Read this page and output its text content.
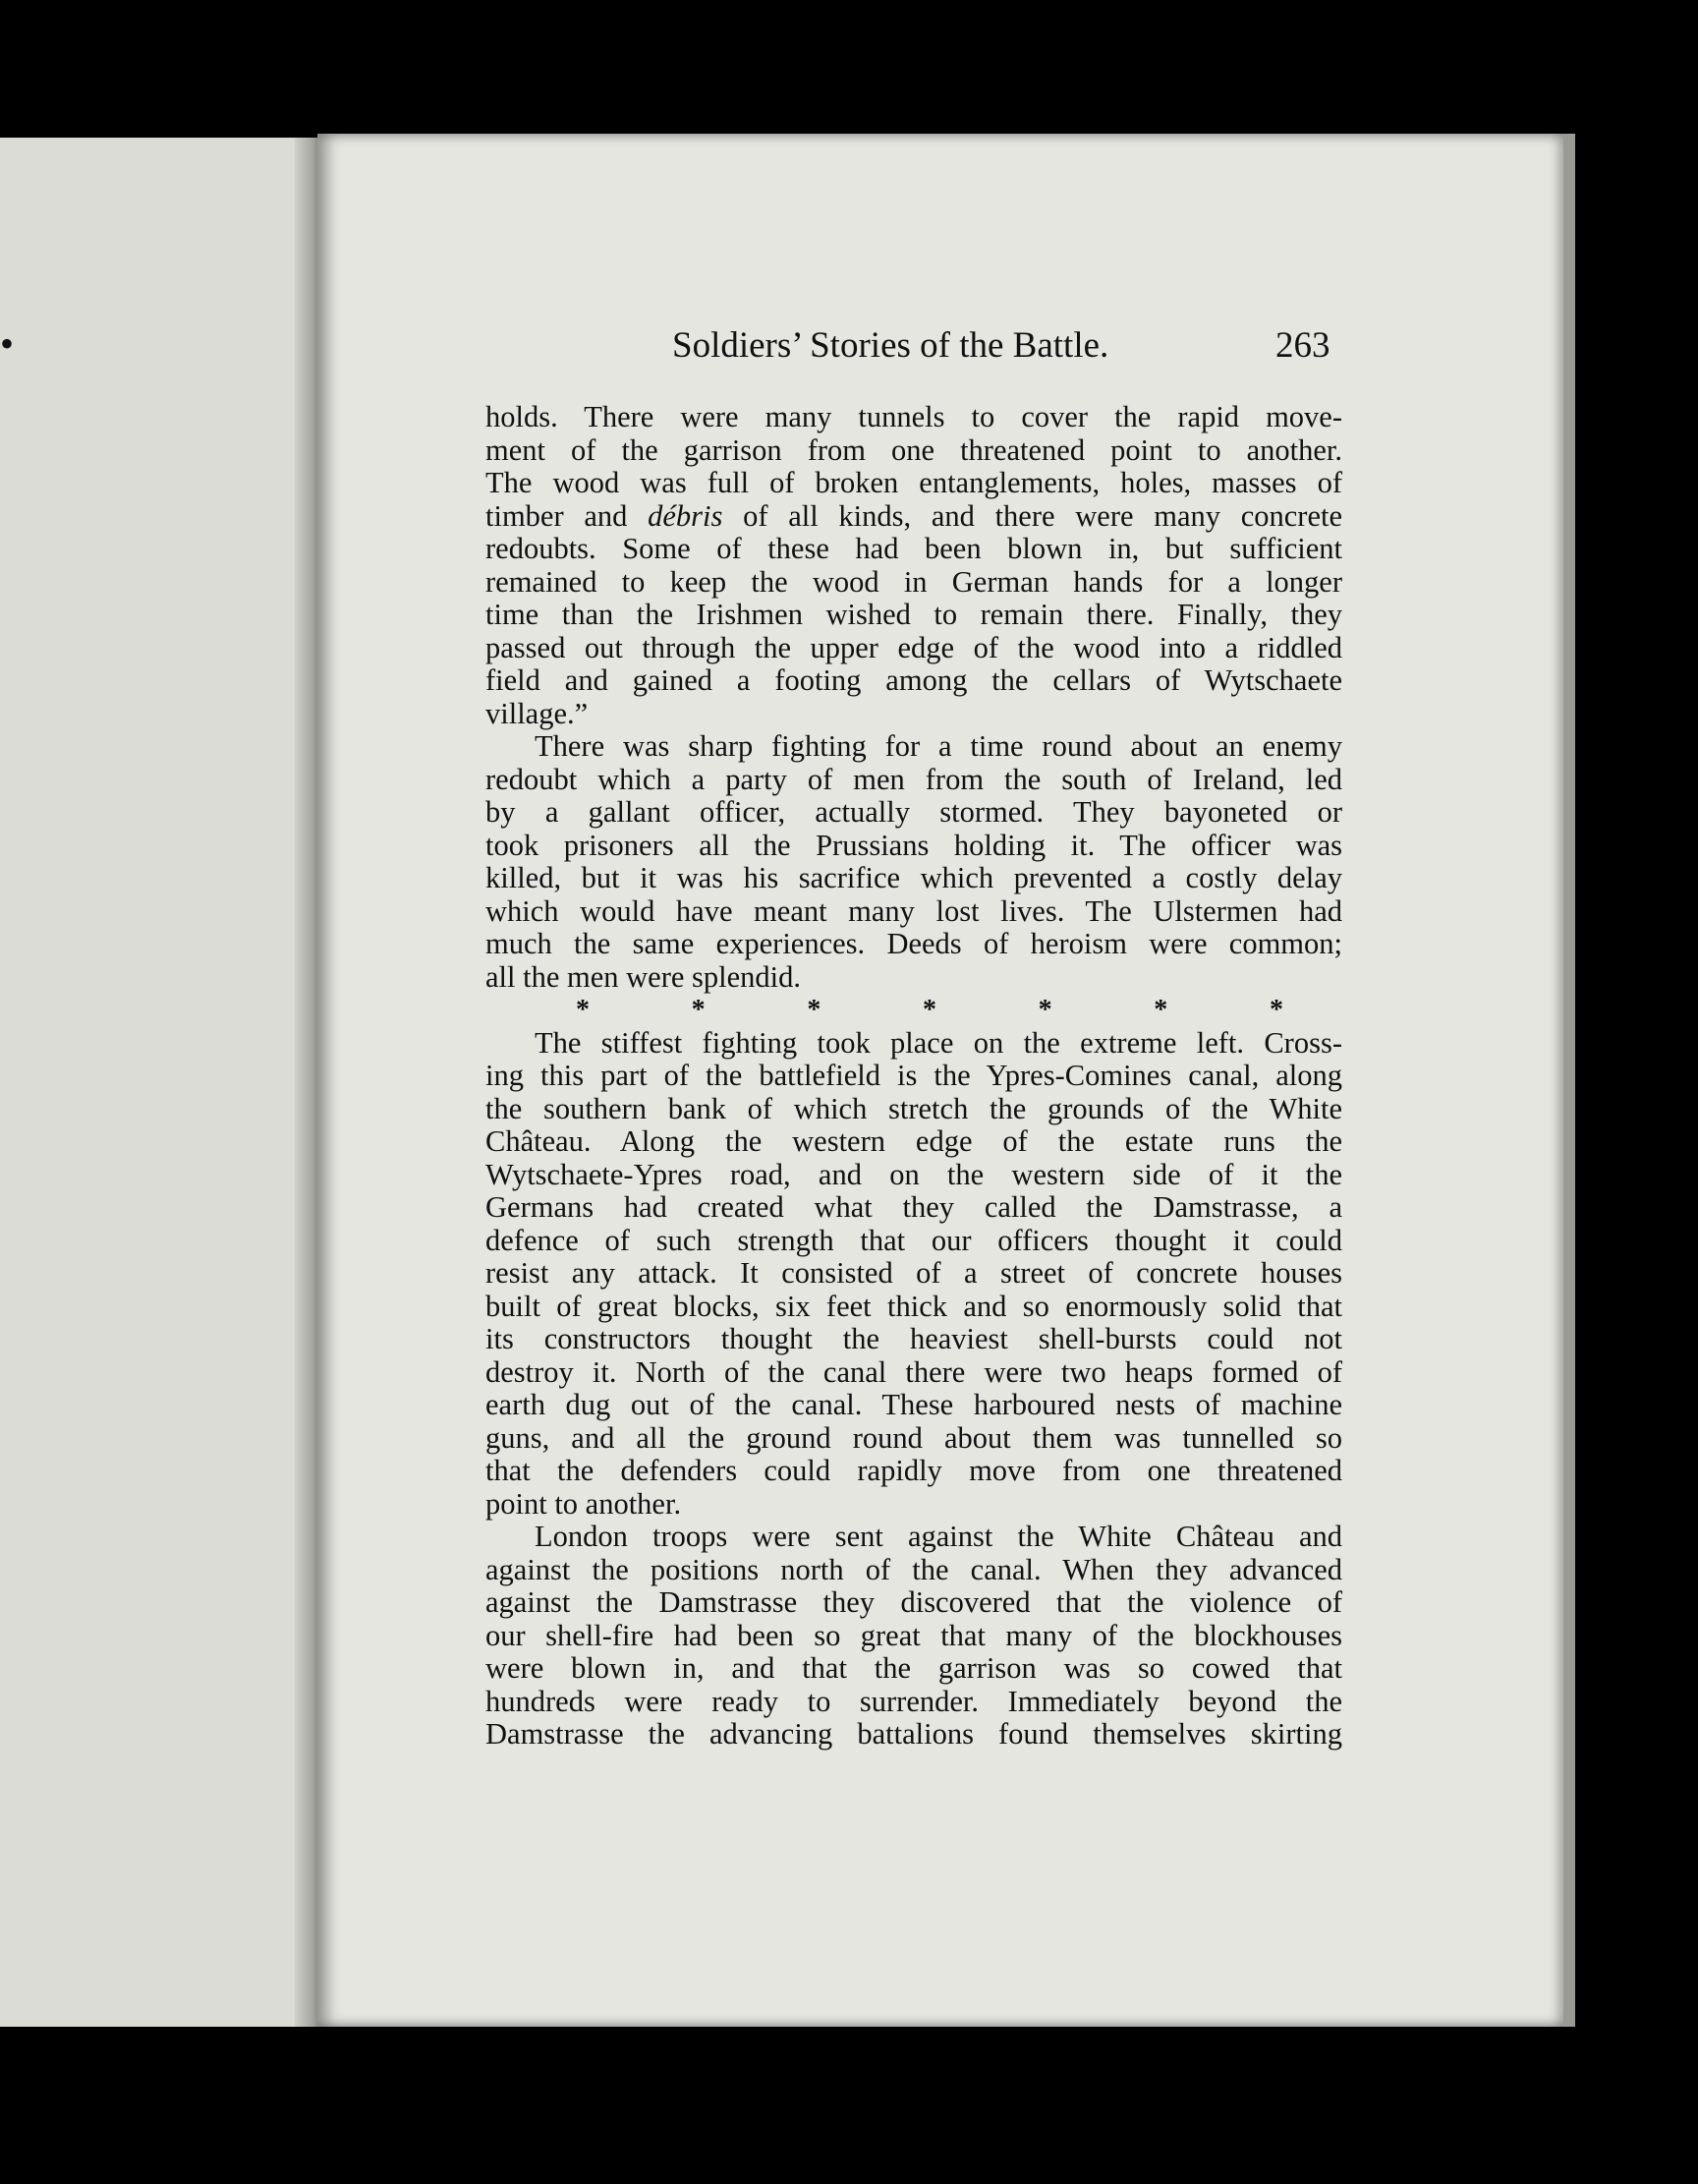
•

	Soldiers’ Stories of the Battle.	263
holds. There were many tunnels to cover the rapid move-
ment of the garrison from one threatened point to another.
The wood was full of broken entanglements, holes, masses of
timber and débris of all kinds, and there were many concrete
redoubts. Some of these had been blown in, but sufficient
remained to keep the wood in German hands for a longer
time than the Irishmen wished to remain there. Finally, they
passed out through the upper edge of the wood into a riddled
field and gained a footing among the cellars of Wytschaete
village.”
There was sharp fighting for a time round about an enemy
redoubt which a party of men from the south of Ireland, led
by a gallant officer, actually stormed. They bayoneted or
took prisoners all the Prussians holding it. The officer was
killed, but it was his sacrifice which prevented a costly delay
which would have meant many lost lives. The Ulstermen had
much the same experiences. Deeds of heroism were common;
all the men were splendid.
*	*	*	*	*	*	*
The stiffest fighting took place on the extreme left. Cross-
ing this part of the battlefield is the Ypres-Comines canal, along
the southern bank of which stretch the grounds of the White
Château. Along the western edge of the estate runs the
Wytschaete-Ypres road, and on the western side of it the
Germans had created what they called the Damstrasse, a
defence of such strength that our officers thought it could
resist any attack. It consisted of a street of concrete houses
built of great blocks, six feet thick and so enormously solid that
its constructors thought the heaviest shell-bursts could not
destroy it. North of the canal there were two heaps formed of
earth dug out of the canal. These harboured nests of machine
guns, and all the ground round about them was tunnelled so
that the defenders could rapidly move from one threatened
point to another.
London troops were sent against the White Château and
against the positions north of the canal. When they advanced
against the Damstrasse they discovered that the violence of
our shell-fire had been so great that many of the blockhouses
were blown in, and that the garrison was so cowed that
hundreds were ready to surrender. Immediately beyond the
Damstrasse the advancing battalions found themselves skirting
